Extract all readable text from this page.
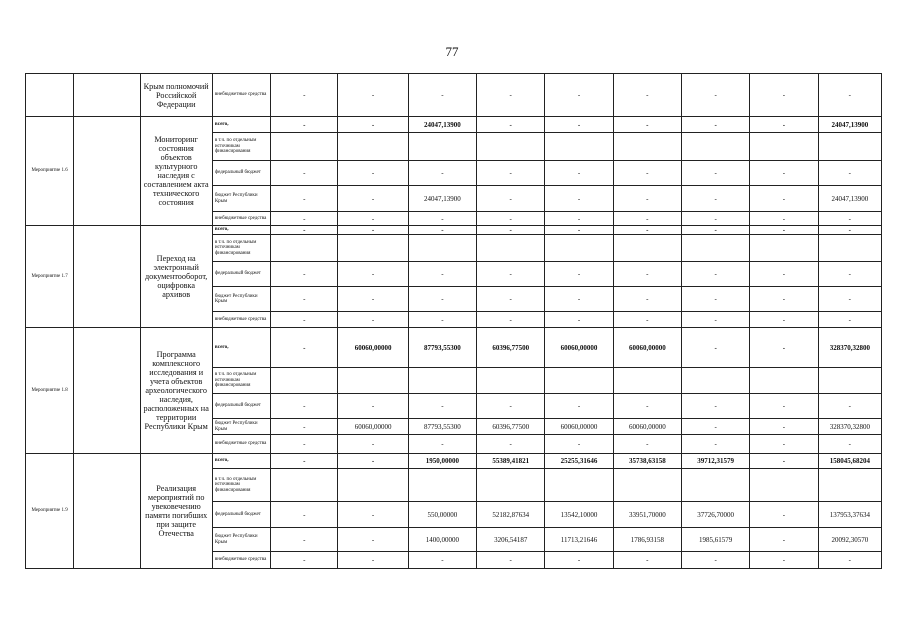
77
		Крым полномочий Российской Федерации	внебюджетные средства	-	-	-	-	-	-	-	-	-
Мероприятие 1.6		Мониторинг состояния объектов культурного наследия с составлением акта технического состояния	всего,	-	-	24047,13900	-	-	-	-	-	24047,13900
			в т.ч. по отдельным источникам финансирования									
			федеральный бюджет	-	-	-	-	-	-	-	-	-
			бюджет Республики Крым	-	-	24047,13900	-	-	-	-	-	24047,13900
			внебюджетные средства	-	-	-	-	-	-	-	-	-
Мероприятие 1.7		Переход на электронный документооборот, оцифровка архивов	всего,	-	-	-	-	-	-	-	-	-
			в т.ч. по отдельным источникам финансирования									
			федеральный бюджет	-	-	-	-	-	-	-	-	-
			бюджет Республики Крым	-	-	-	-	-	-	-	-	-
			внебюджетные средства	-	-	-	-	-	-	-	-	-
Мероприятие 1.8		Программа комплексного исследования и учета объектов археологического наследия, расположенных на территории Республики Крым	всего,	-	60060,00000	87793,55300	60396,77500	60060,00000	60060,00000	-	-	328370,32800
			в т.ч. по отдельным источникам финансирования									
			федеральный бюджет	-	-	-	-	-	-	-	-	-
			бюджет Республики Крым	-	60060,00000	87793,55300	60396,77500	60060,00000	60060,00000	-	-	328370,32800
			внебюджетные средства	-	-	-	-	-	-	-	-	-
Мероприятие 1.9		Реализация мероприятий по увековечению памяти погибших при защите Отечества	всего,	-	-	1950,00000	55389,41821	25255,31646	35738,63158	39712,31579	-	158045,68204
			в т.ч. по отдельным источникам финансирования									
			федеральный бюджет	-	-	550,00000	52182,87634	13542,10000	33951,70000	37726,70000	-	137953,37634
			бюджет Республики Крым	-	-	1400,00000	3206,54187	11713,21646	1786,93158	1985,61579	-	20092,30570
			внебюджетные средства	-	-	-	-	-	-	-	-	-
